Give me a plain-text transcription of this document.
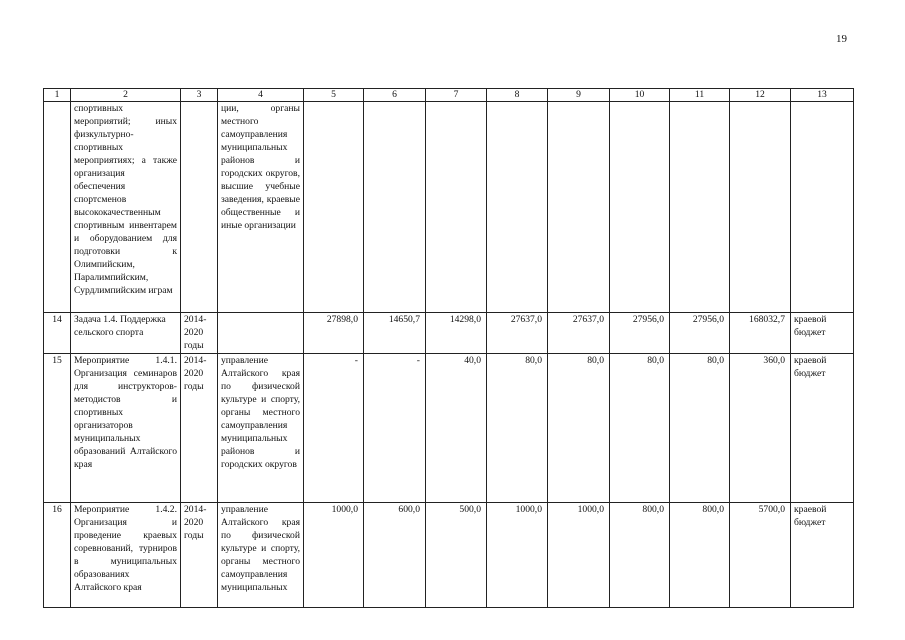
19
1	2	3	4	5	6	7	8	9	10	11	12	13
	спортивных мероприятий; иных физкультурно-спортивных мероприятиях; а также организация обеспечения спортсменов высококачественным спортивным инвентарем и оборудованием для подготовки к Олимпийским, Паралимпийским, Сурдлимпийским играм		ции, органы местного самоуправления муниципальных районов и городских округов, высшие учебные заведения, краевые общественные и иные организации									
14	Задача 1.4. Поддержка сельского спорта	2014-2020 годы		27898,0	14650,7	14298,0	27637,0	27637,0	27956,0	27956,0	168032,7	краевой бюджет
15	Мероприятие 1.4.1. Организация семинаров для инструкторов-методистов и спортивных организаторов муниципальных образований Алтайского края	2014-2020 годы	управление Алтайского края по физической культуре и спорту, органы местного самоуправления муниципальных районов и городских округов	-	-	40,0	80,0	80,0	80,0	80,0	360,0	краевой бюджет
16	Мероприятие 1.4.2. Организация и проведение краевых соревнований, турниров в муниципальных образованиях Алтайского края	2014-2020 годы	управление Алтайского края по физической культуре и спорту, органы местного самоуправления муниципальных	1000,0	600,0	500,0	1000,0	1000,0	800,0	800,0	5700,0	краевой бюджет
